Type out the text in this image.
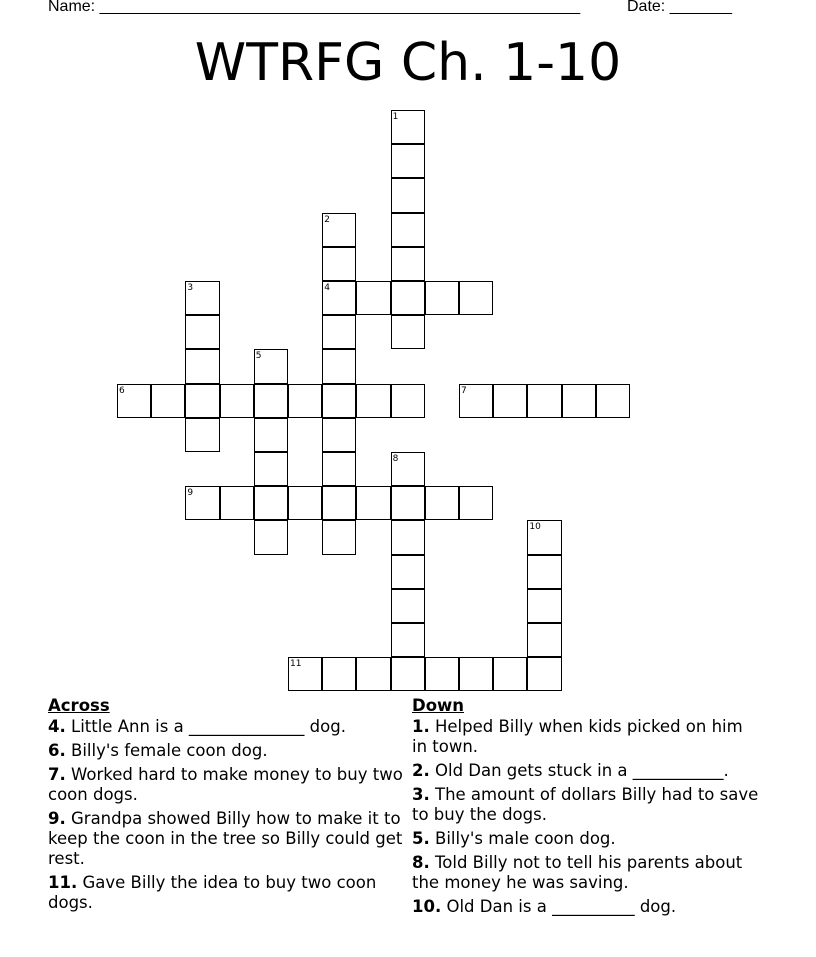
Name: ______________________________________________________	Date: _______
WTRFG Ch. 1-10
1
2
3	4
5
6	7
8
9
10
11
Across
4. Little Ann is a ______________ dog.
6. Billy's female coon dog.
7. Worked hard to make money to buy two coon dogs.
9. Grandpa showed Billy how to make it to keep the coon in the tree so Billy could get rest.
11. Gave Billy the idea to buy two coon dogs.
Down
1. Helped Billy when kids picked on him in town.
2. Old Dan gets stuck in a ___________.
3. The amount of dollars Billy had to save to buy the dogs.
5. Billy's male coon dog.
8. Told Billy not to tell his parents about the money he was saving.
10. Old Dan is a __________ dog.
